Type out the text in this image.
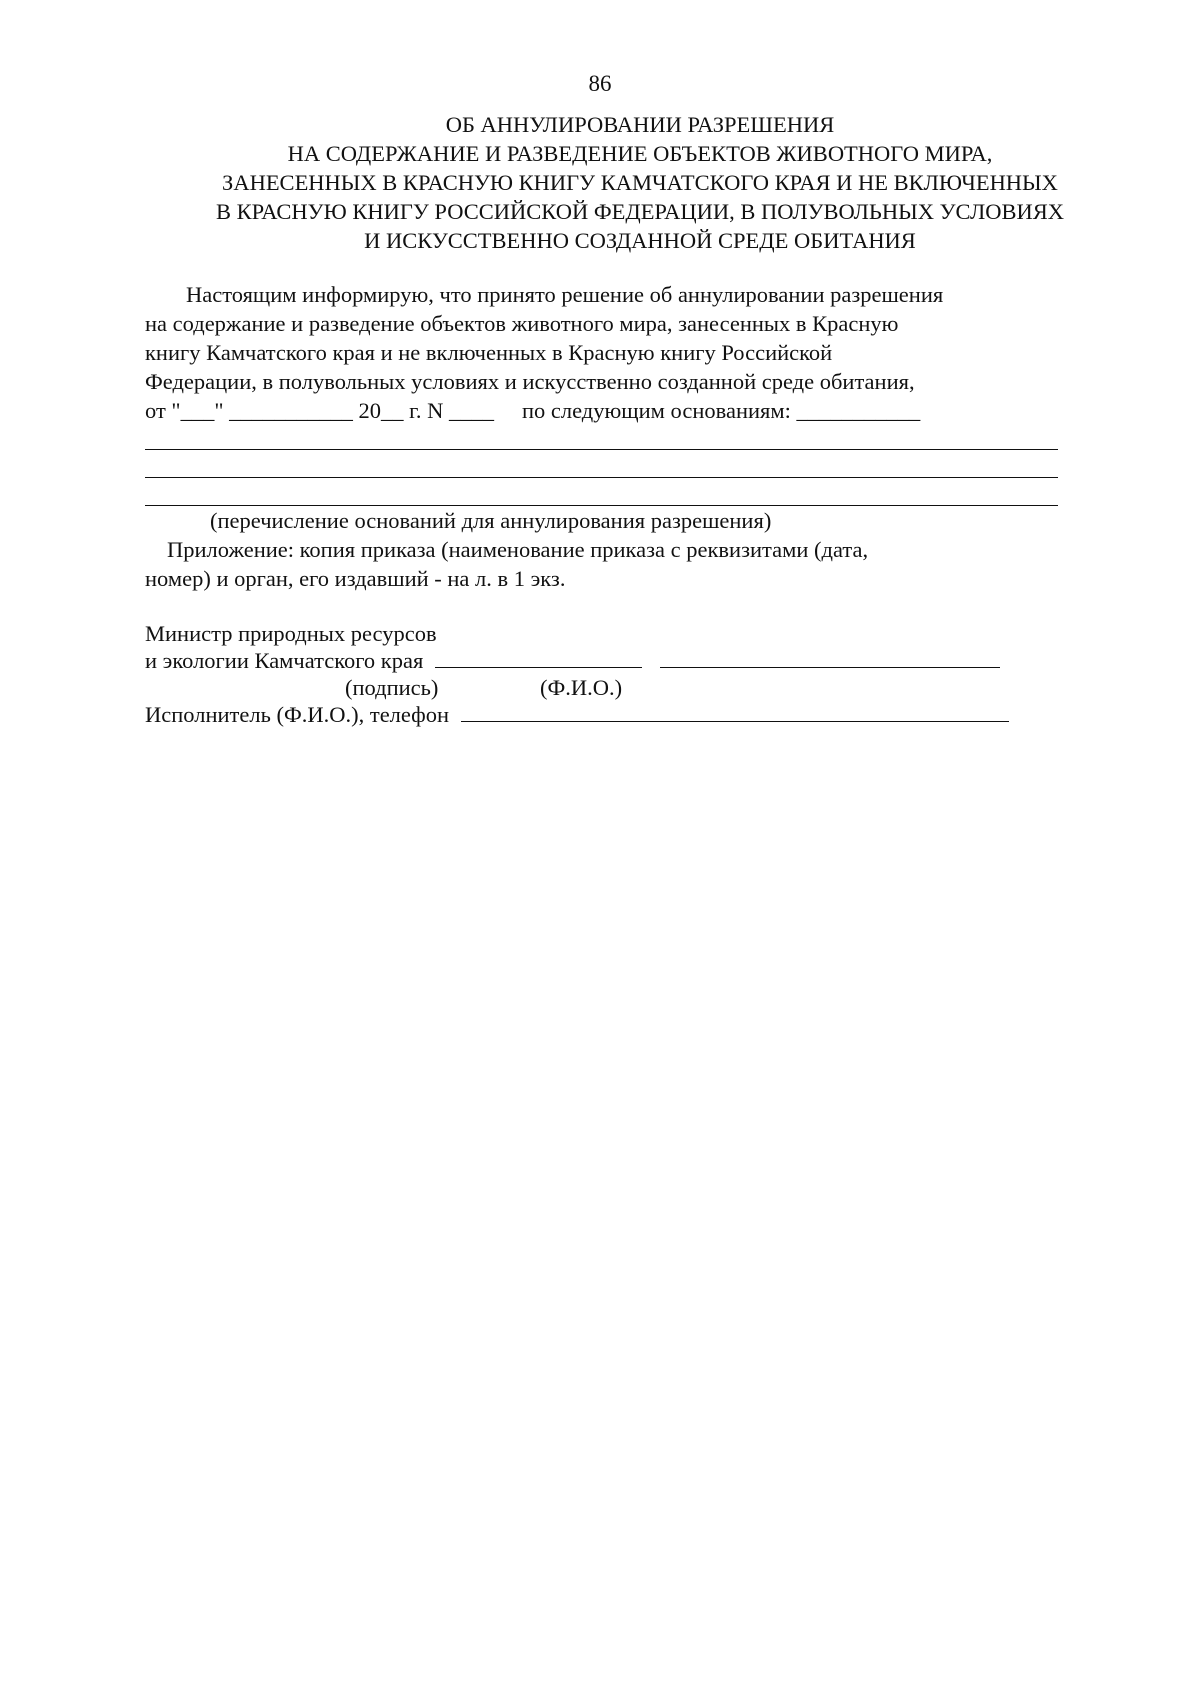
86
ОБ АННУЛИРОВАНИИ РАЗРЕШЕНИЯ
НА СОДЕРЖАНИЕ И РАЗВЕДЕНИЕ ОБЪЕКТОВ ЖИВОТНОГО МИРА,
ЗАНЕСЕННЫХ В КРАСНУЮ КНИГУ КАМЧАТСКОГО КРАЯ И НЕ ВКЛЮЧЕННЫХ
В КРАСНУЮ КНИГУ РОССИЙСКОЙ ФЕДЕРАЦИИ, В ПОЛУВОЛЬНЫХ УСЛОВИЯХ
И ИСКУССТВЕННО СОЗДАННОЙ СРЕДЕ ОБИТАНИЯ
Настоящим информирую, что принято решение об аннулировании разрешения
на содержание и разведение объектов животного мира, занесенных в Красную
книгу Камчатского края и не включенных в Красную книгу Российской
Федерации, в полувольных условиях и искусственно созданной среде обитания,
от "___" ___________ 20__ г. N ____ по следующим основаниям: ___________
(перечисление оснований для аннулирования разрешения)
Приложение: копия приказа (наименование приказа с реквизитами (дата,
номер) и орган, его издавший - на л. в 1 экз.
Министр природных ресурсов
и экологии Камчатского края
(подпись)	(Ф.И.О.)
Исполнитель (Ф.И.О.), телефон
